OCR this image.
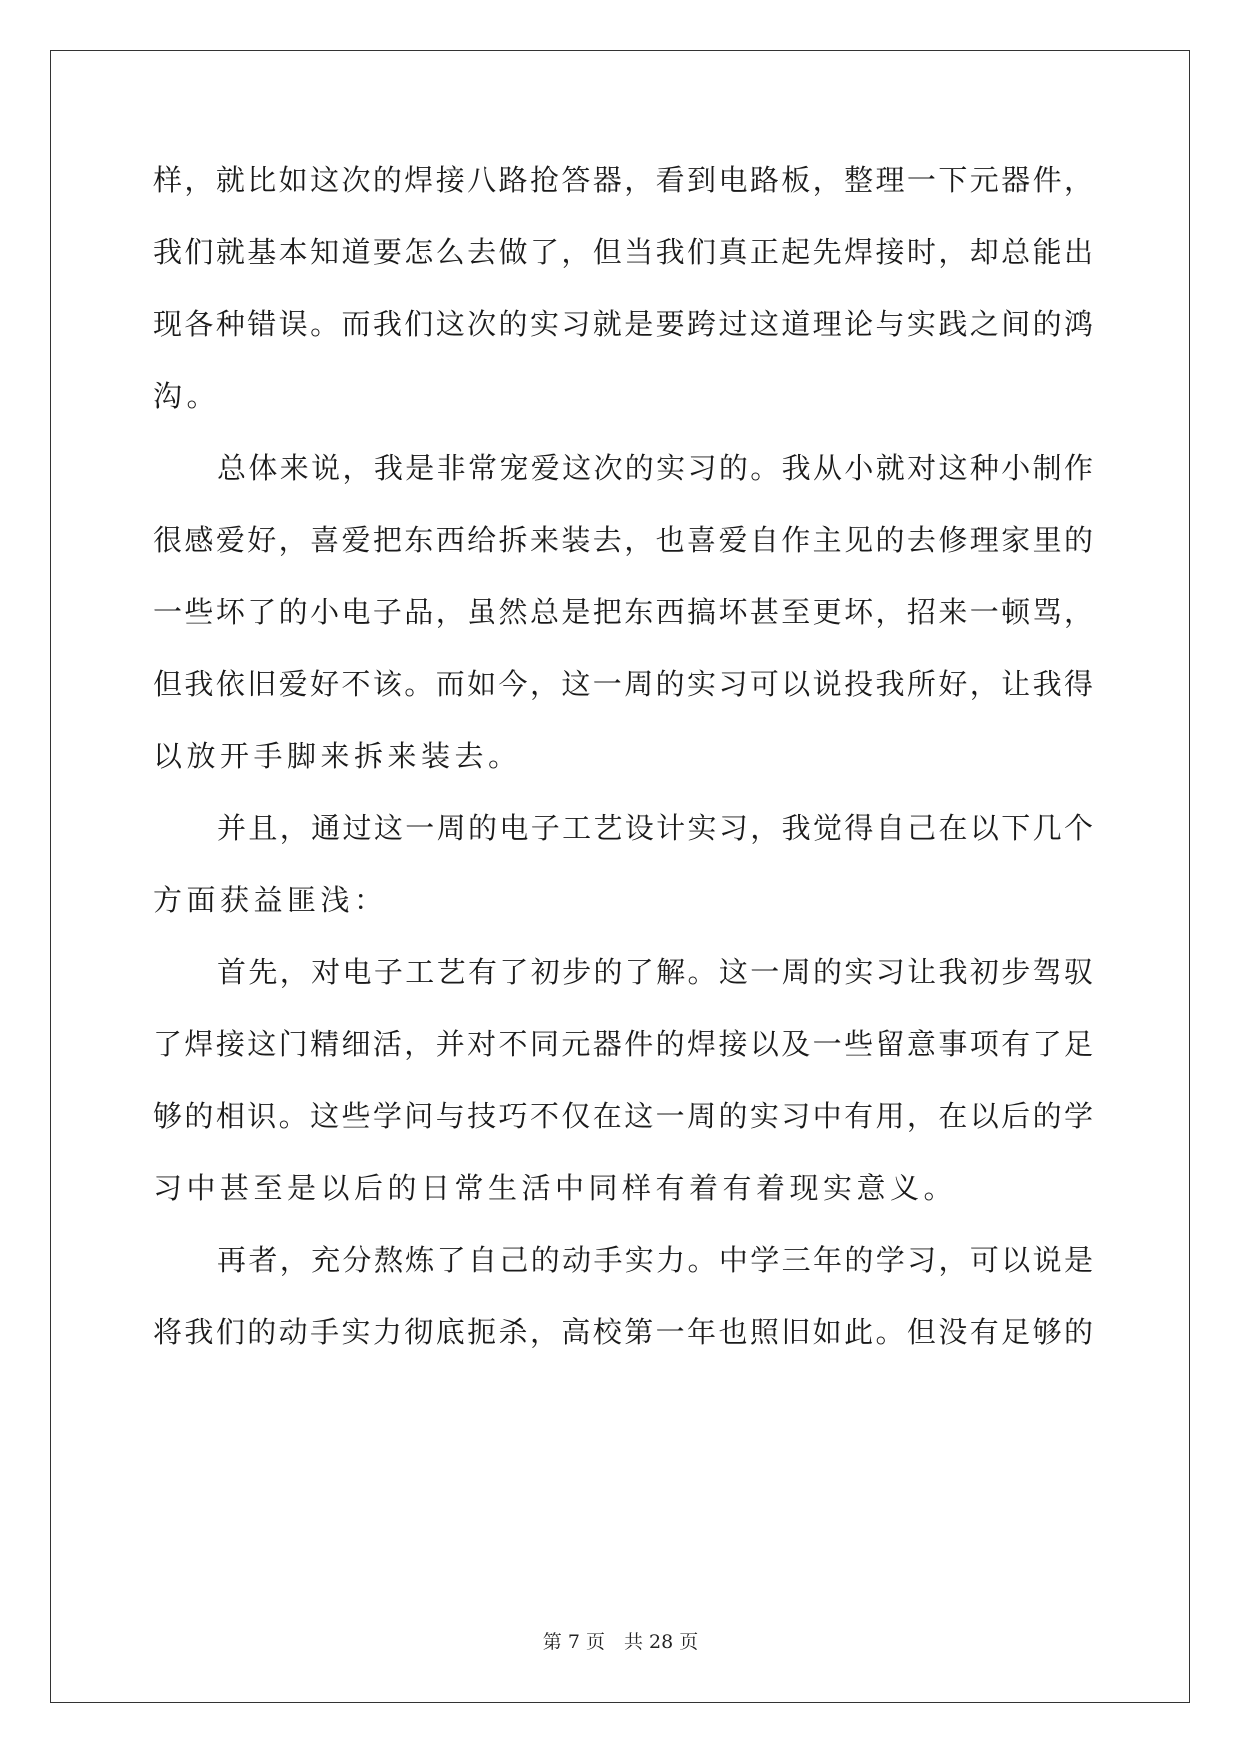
样，就比如这次的焊接八路抢答器，看到电路板，整理一下元器件，
我们就基本知道要怎么去做了，但当我们真正起先焊接时，却总能出
现各种错误。而我们这次的实习就是要跨过这道理论与实践之间的鸿
沟。
总体来说，我是非常宠爱这次的实习的。我从小就对这种小制作
很感爱好，喜爱把东西给拆来装去，也喜爱自作主见的去修理家里的
一些坏了的小电子品，虽然总是把东西搞坏甚至更坏，招来一顿骂，
但我依旧爱好不该。而如今，这一周的实习可以说投我所好，让我得
以放开手脚来拆来装去。
并且，通过这一周的电子工艺设计实习，我觉得自己在以下几个
方面获益匪浅：
首先，对电子工艺有了初步的了解。这一周的实习让我初步驾驭
了焊接这门精细活，并对不同元器件的焊接以及一些留意事项有了足
够的相识。这些学问与技巧不仅在这一周的实习中有用，在以后的学
习中甚至是以后的日常生活中同样有着有着现实意义。
再者，充分熬炼了自己的动手实力。中学三年的学习，可以说是
将我们的动手实力彻底扼杀，高校第一年也照旧如此。但没有足够的
第 7 页　共 28 页
